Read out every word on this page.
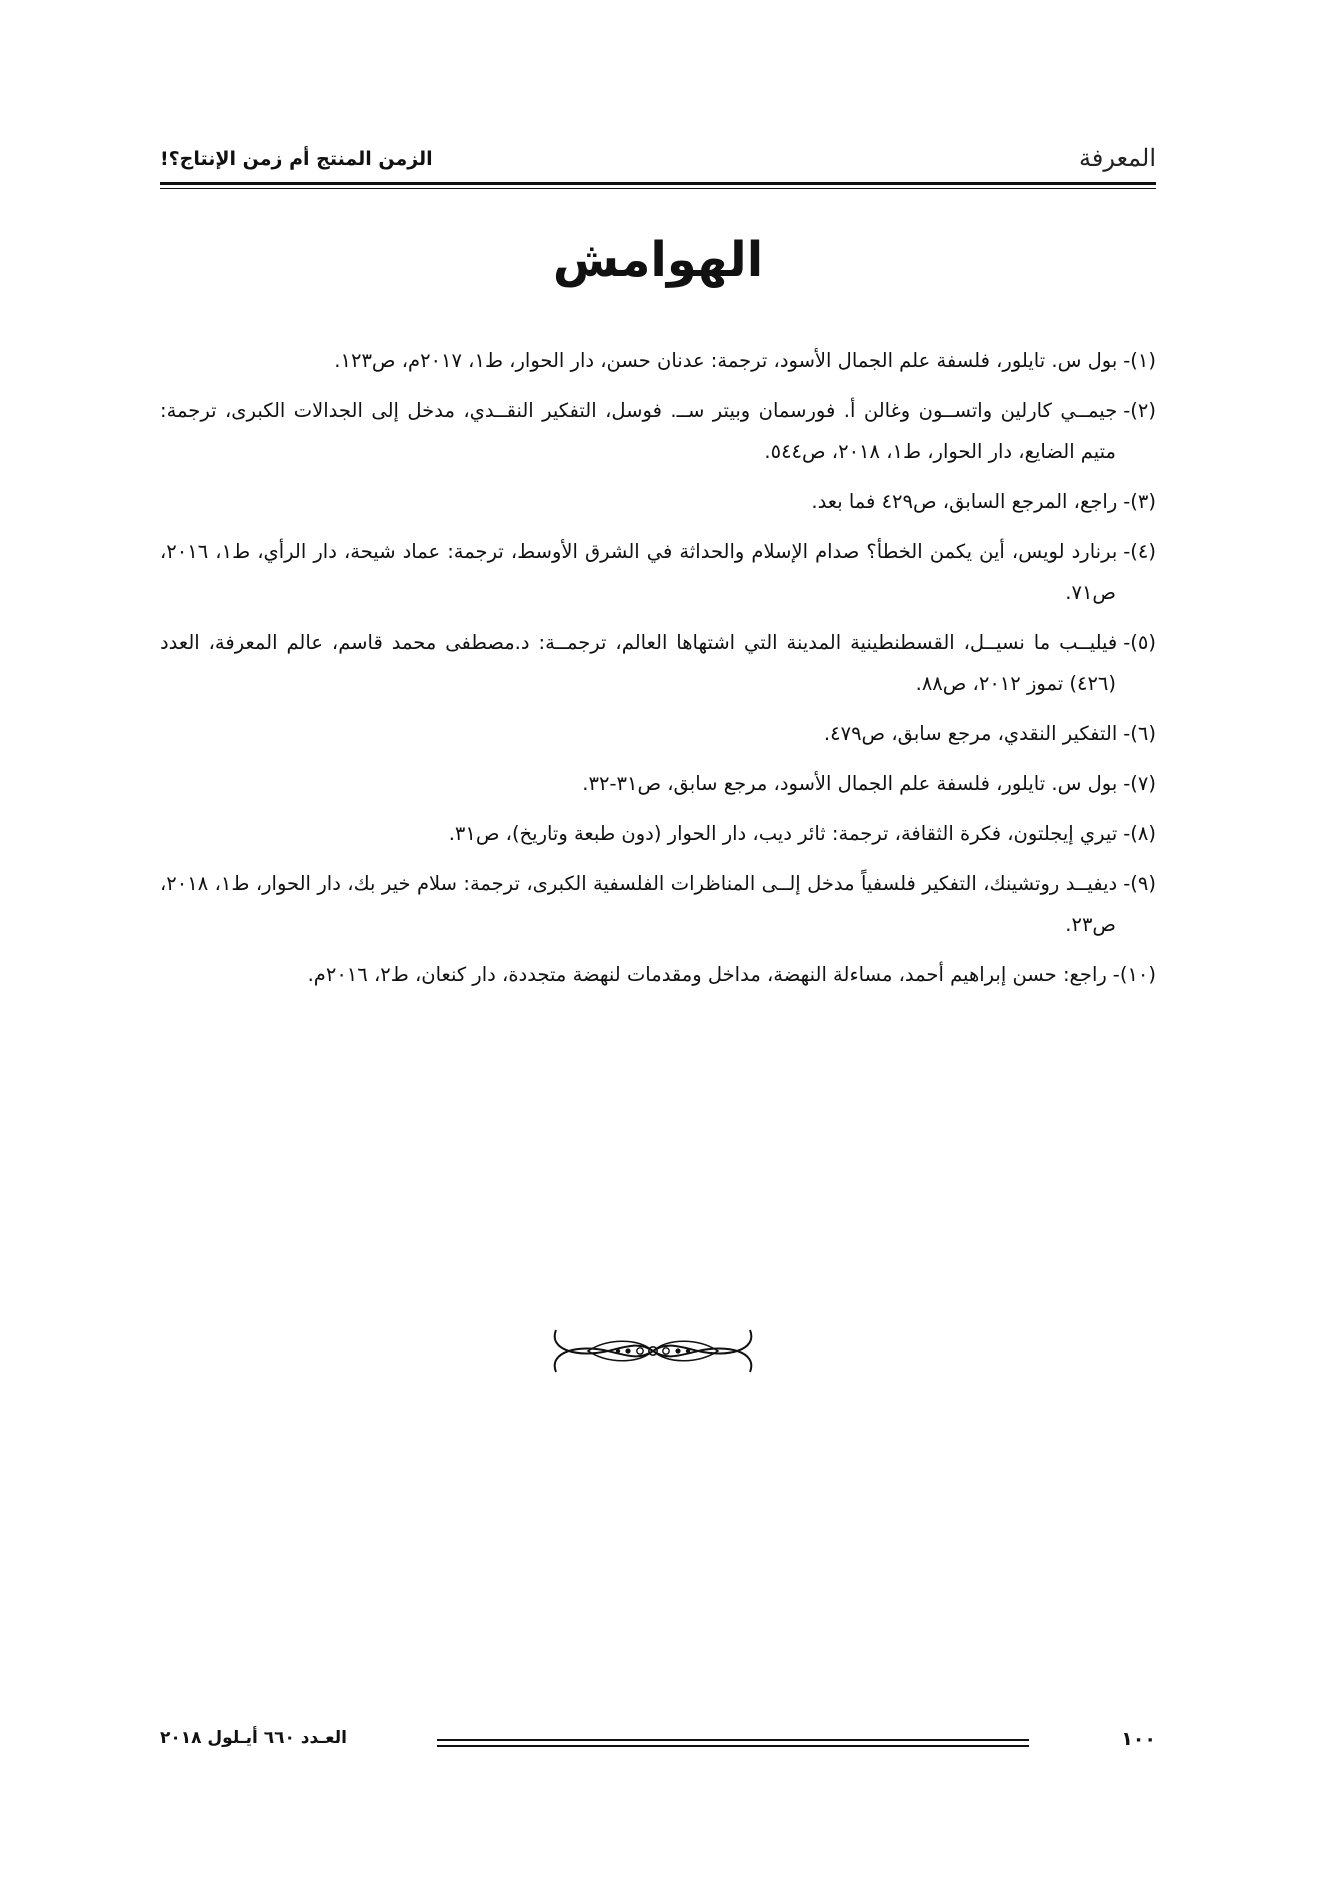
المعرفة
الزمن المنتج أم زمن الإنتاج؟!
الهوامش
(١)-بول س. تايلور، فلسفة علم الجمال الأسود، ترجمة: عدنان حسن، دار الحوار، ط١، ٢٠١٧م، ص١٢٣.
(٢)-جيمــي كارلين واتســون وغالن أ. فورسمان وبيتر ســ. فوسل، التفكير النقــدي، مدخل إلى الجدالات الكبرى، ترجمة: متيم الضايع، دار الحوار، ط١، ٢٠١٨، ص٥٤٤.
(٣)-راجع، المرجع السابق، ص٤٢٩ فما بعد.
(٤)-برنارد لويس، أين يكمن الخطأ؟ صدام الإسلام والحداثة في الشرق الأوسط، ترجمة: عماد شيحة، دار الرأي، ط١، ٢٠١٦، ص٧١.
(٥)-فيليــب ما نسيــل، القسطنطينية المدينة التي اشتهاها العالم، ترجمــة: د.مصطفى محمد قاسم، عالم المعرفة، العدد (٤٢٦) تموز ٢٠١٢، ص٨٨.
(٦)-التفكير النقدي، مرجع سابق، ص٤٧٩.
(٧)-بول س. تايلور، فلسفة علم الجمال الأسود، مرجع سابق، ص٣١-٣٢.
(٨)-تيري إيجلتون، فكرة الثقافة، ترجمة: ثائر ديب، دار الحوار (دون طبعة وتاريخ)، ص٣١.
(٩)-ديفيــد روتشينك، التفكير فلسفياً مدخل إلــى المناظرات الفلسفية الكبرى، ترجمة: سلام خير بك، دار الحوار، ط١، ٢٠١٨، ص٢٣.
(١٠)-راجع: حسن إبراهيم أحمد، مساءلة النهضة، مداخل ومقدمات لنهضة متجددة، دار كنعان، ط٢، ٢٠١٦م.
١٠٠
العـدد ٦٦٠ أيـلول ٢٠١٨
